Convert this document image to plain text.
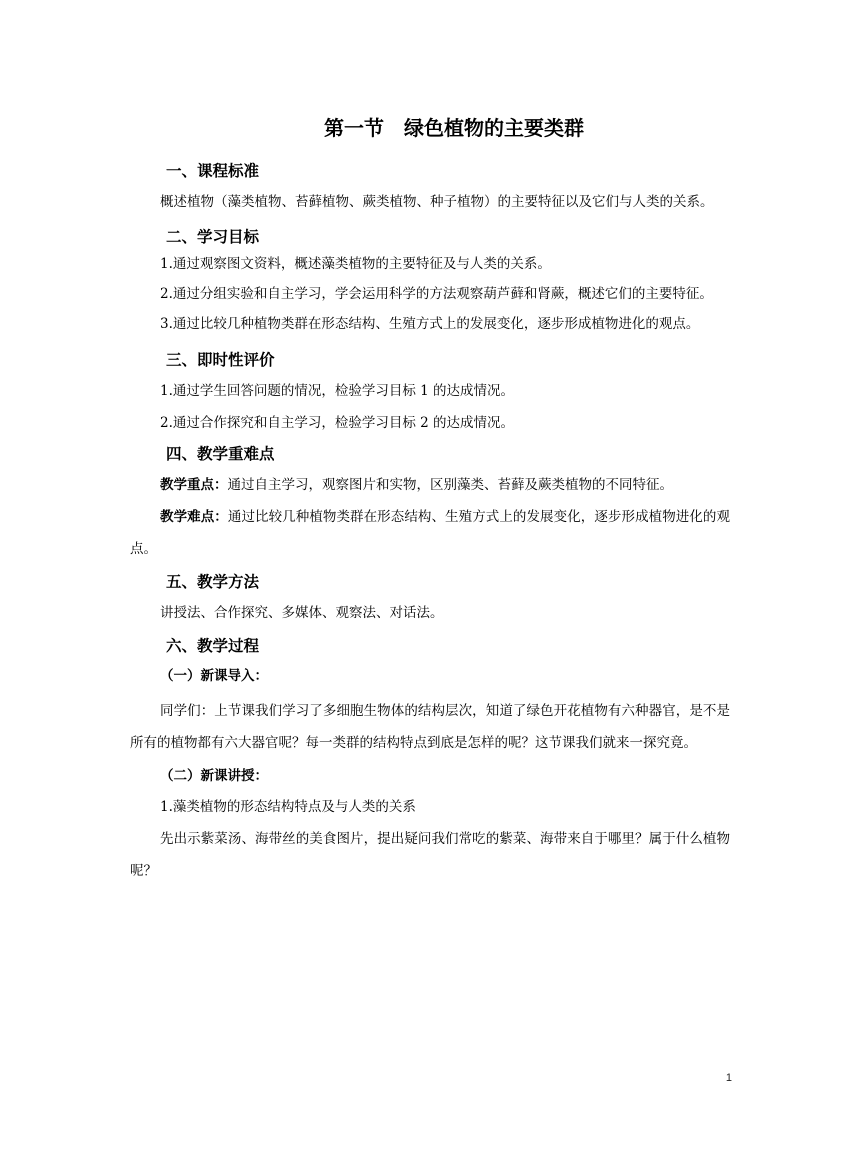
第一节　绿色植物的主要类群
一、课程标准

概述植物（藻类植物、苔藓植物、蕨类植物、种子植物）的主要特征以及它们与人类的关系。

二、学习目标

1.通过观察图文资料，概述藻类植物的主要特征及与人类的关系。

2.通过分组实验和自主学习，学会运用科学的方法观察葫芦藓和肾蕨，概述它们的主要特征。

3.通过比较几种植物类群在形态结构、生殖方式上的发展变化，逐步形成植物进化的观点。

三、即时性评价

1.通过学生回答问题的情况，检验学习目标 1 的达成情况。

2.通过合作探究和自主学习，检验学习目标 2 的达成情况。

四、教学重难点

教学重点：通过自主学习，观察图片和实物，区别藻类、苔藓及蕨类植物的不同特征。

教学难点：通过比较几种植物类群在形态结构、生殖方式上的发展变化，逐步形成植物进化的观点。

五、教学方法

讲授法、合作探究、多媒体、观察法、对话法。

六、教学过程
（一）新课导入：

同学们：上节课我们学习了多细胞生物体的结构层次，知道了绿色开花植物有六种器官，是不是所有的植物都有六大器官呢？每一类群的结构特点到底是怎样的呢？这节课我们就来一探究竟。

（二）新课讲授：

1.藻类植物的形态结构特点及与人类的关系

先出示紫菜汤、海带丝的美食图片，提出疑问我们常吃的紫菜、海带来自于哪里？属于什么植物呢？

1
